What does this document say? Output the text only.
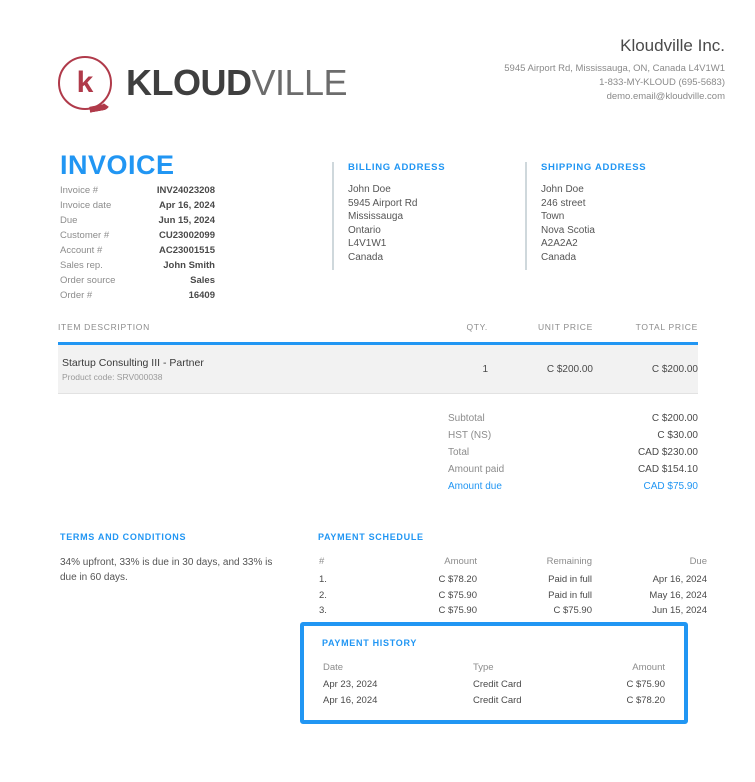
k KLOUDVILLE
Kloudville Inc.
5945 Airport Rd, Mississauga, ON, Canada L4V1W1
1-833-MY-KLOUD (695-5683)
demo.email@kloudville.com
INVOICE
Invoice #	INV24023208
Invoice date	Apr 16, 2024
Due	Jun 15, 2024
Customer #	CU23002099
Account #	AC23001515
Sales rep.	John Smith
Order source	Sales
Order #	16409
BILLING ADDRESS
John Doe
5945 Airport Rd
Mississauga
Ontario
L4V1W1
Canada
SHIPPING ADDRESS
John Doe
246 street
Town
Nova Scotia
A2A2A2
Canada
ITEM DESCRIPTION	QTY.	UNIT PRICE	TOTAL PRICE
Startup Consulting III - Partner
Product code: SRV000038
1	C $200.00	C $200.00
Subtotal	C $200.00
HST (NS)	C $30.00
Total	CAD $230.00
Amount paid	CAD $154.10
Amount due	CAD $75.90
TERMS AND CONDITIONS
34% upfront, 33% is due in 30 days, and 33% is due in 60 days.
PAYMENT SCHEDULE
#	Amount	Remaining	Due
1.	C $78.20	Paid in full	Apr 16, 2024
2.	C $75.90	Paid in full	May 16, 2024
3.	C $75.90	C $75.90	Jun 15, 2024
PAYMENT HISTORY
Date	Type	Amount
Apr 23, 2024	Credit Card	C $75.90
Apr 16, 2024	Credit Card	C $78.20
